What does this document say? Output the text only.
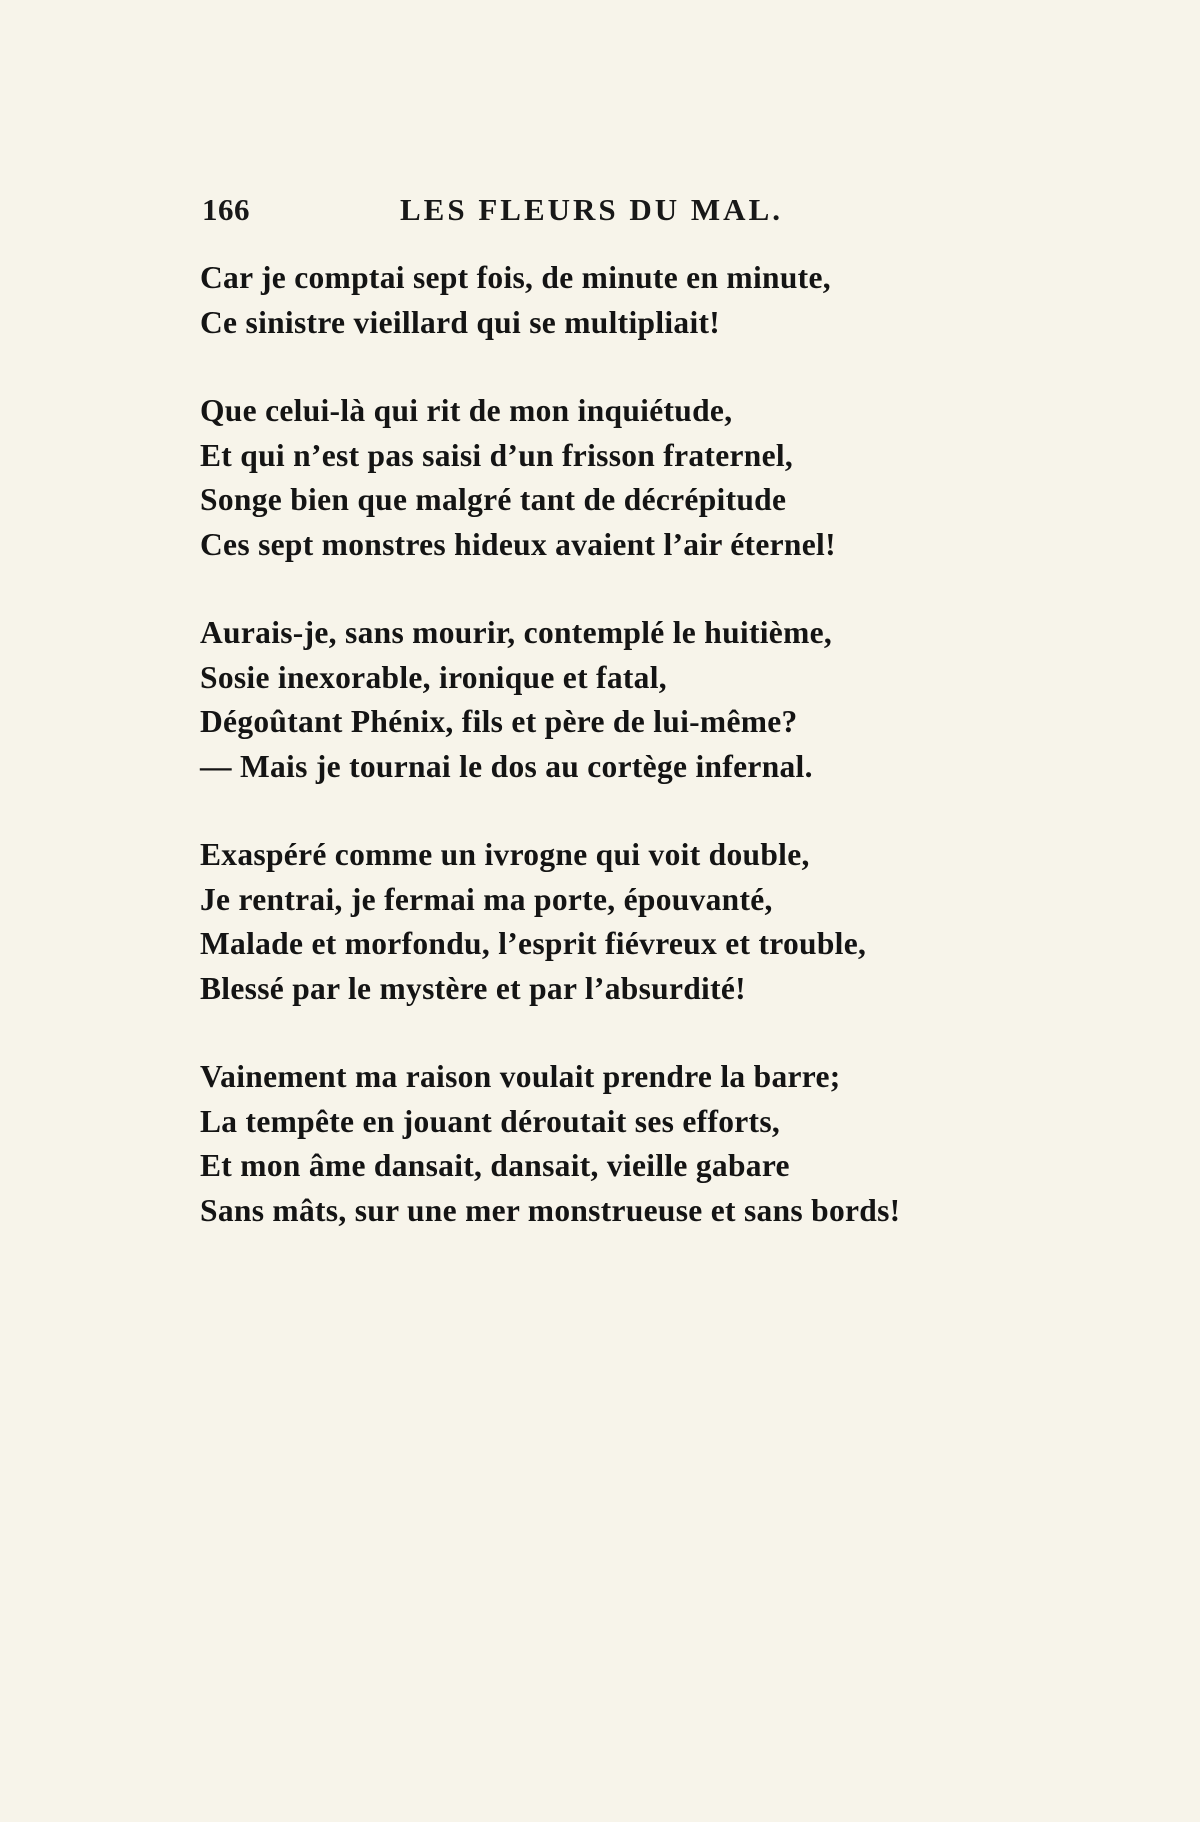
166	LES FLEURS DU MAL.
Car je comptai sept fois, de minute en minute,
Ce sinistre vieillard qui se multipliait!
Que celui-là qui rit de mon inquiétude,
Et qui n’est pas saisi d’un frisson fraternel,
Songe bien que malgré tant de décrépitude
Ces sept monstres hideux avaient l’air éternel!
Aurais-je, sans mourir, contemplé le huitième,
Sosie inexorable, ironique et fatal,
Dégoûtant Phénix, fils et père de lui-même?
— Mais je tournai le dos au cortège infernal.
Exaspéré comme un ivrogne qui voit double,
Je rentrai, je fermai ma porte, épouvanté,
Malade et morfondu, l’esprit fiévreux et trouble,
Blessé par le mystère et par l’absurdité!
Vainement ma raison voulait prendre la barre;
La tempête en jouant déroutait ses efforts,
Et mon âme dansait, dansait, vieille gabare
Sans mâts, sur une mer monstrueuse et sans bords!
